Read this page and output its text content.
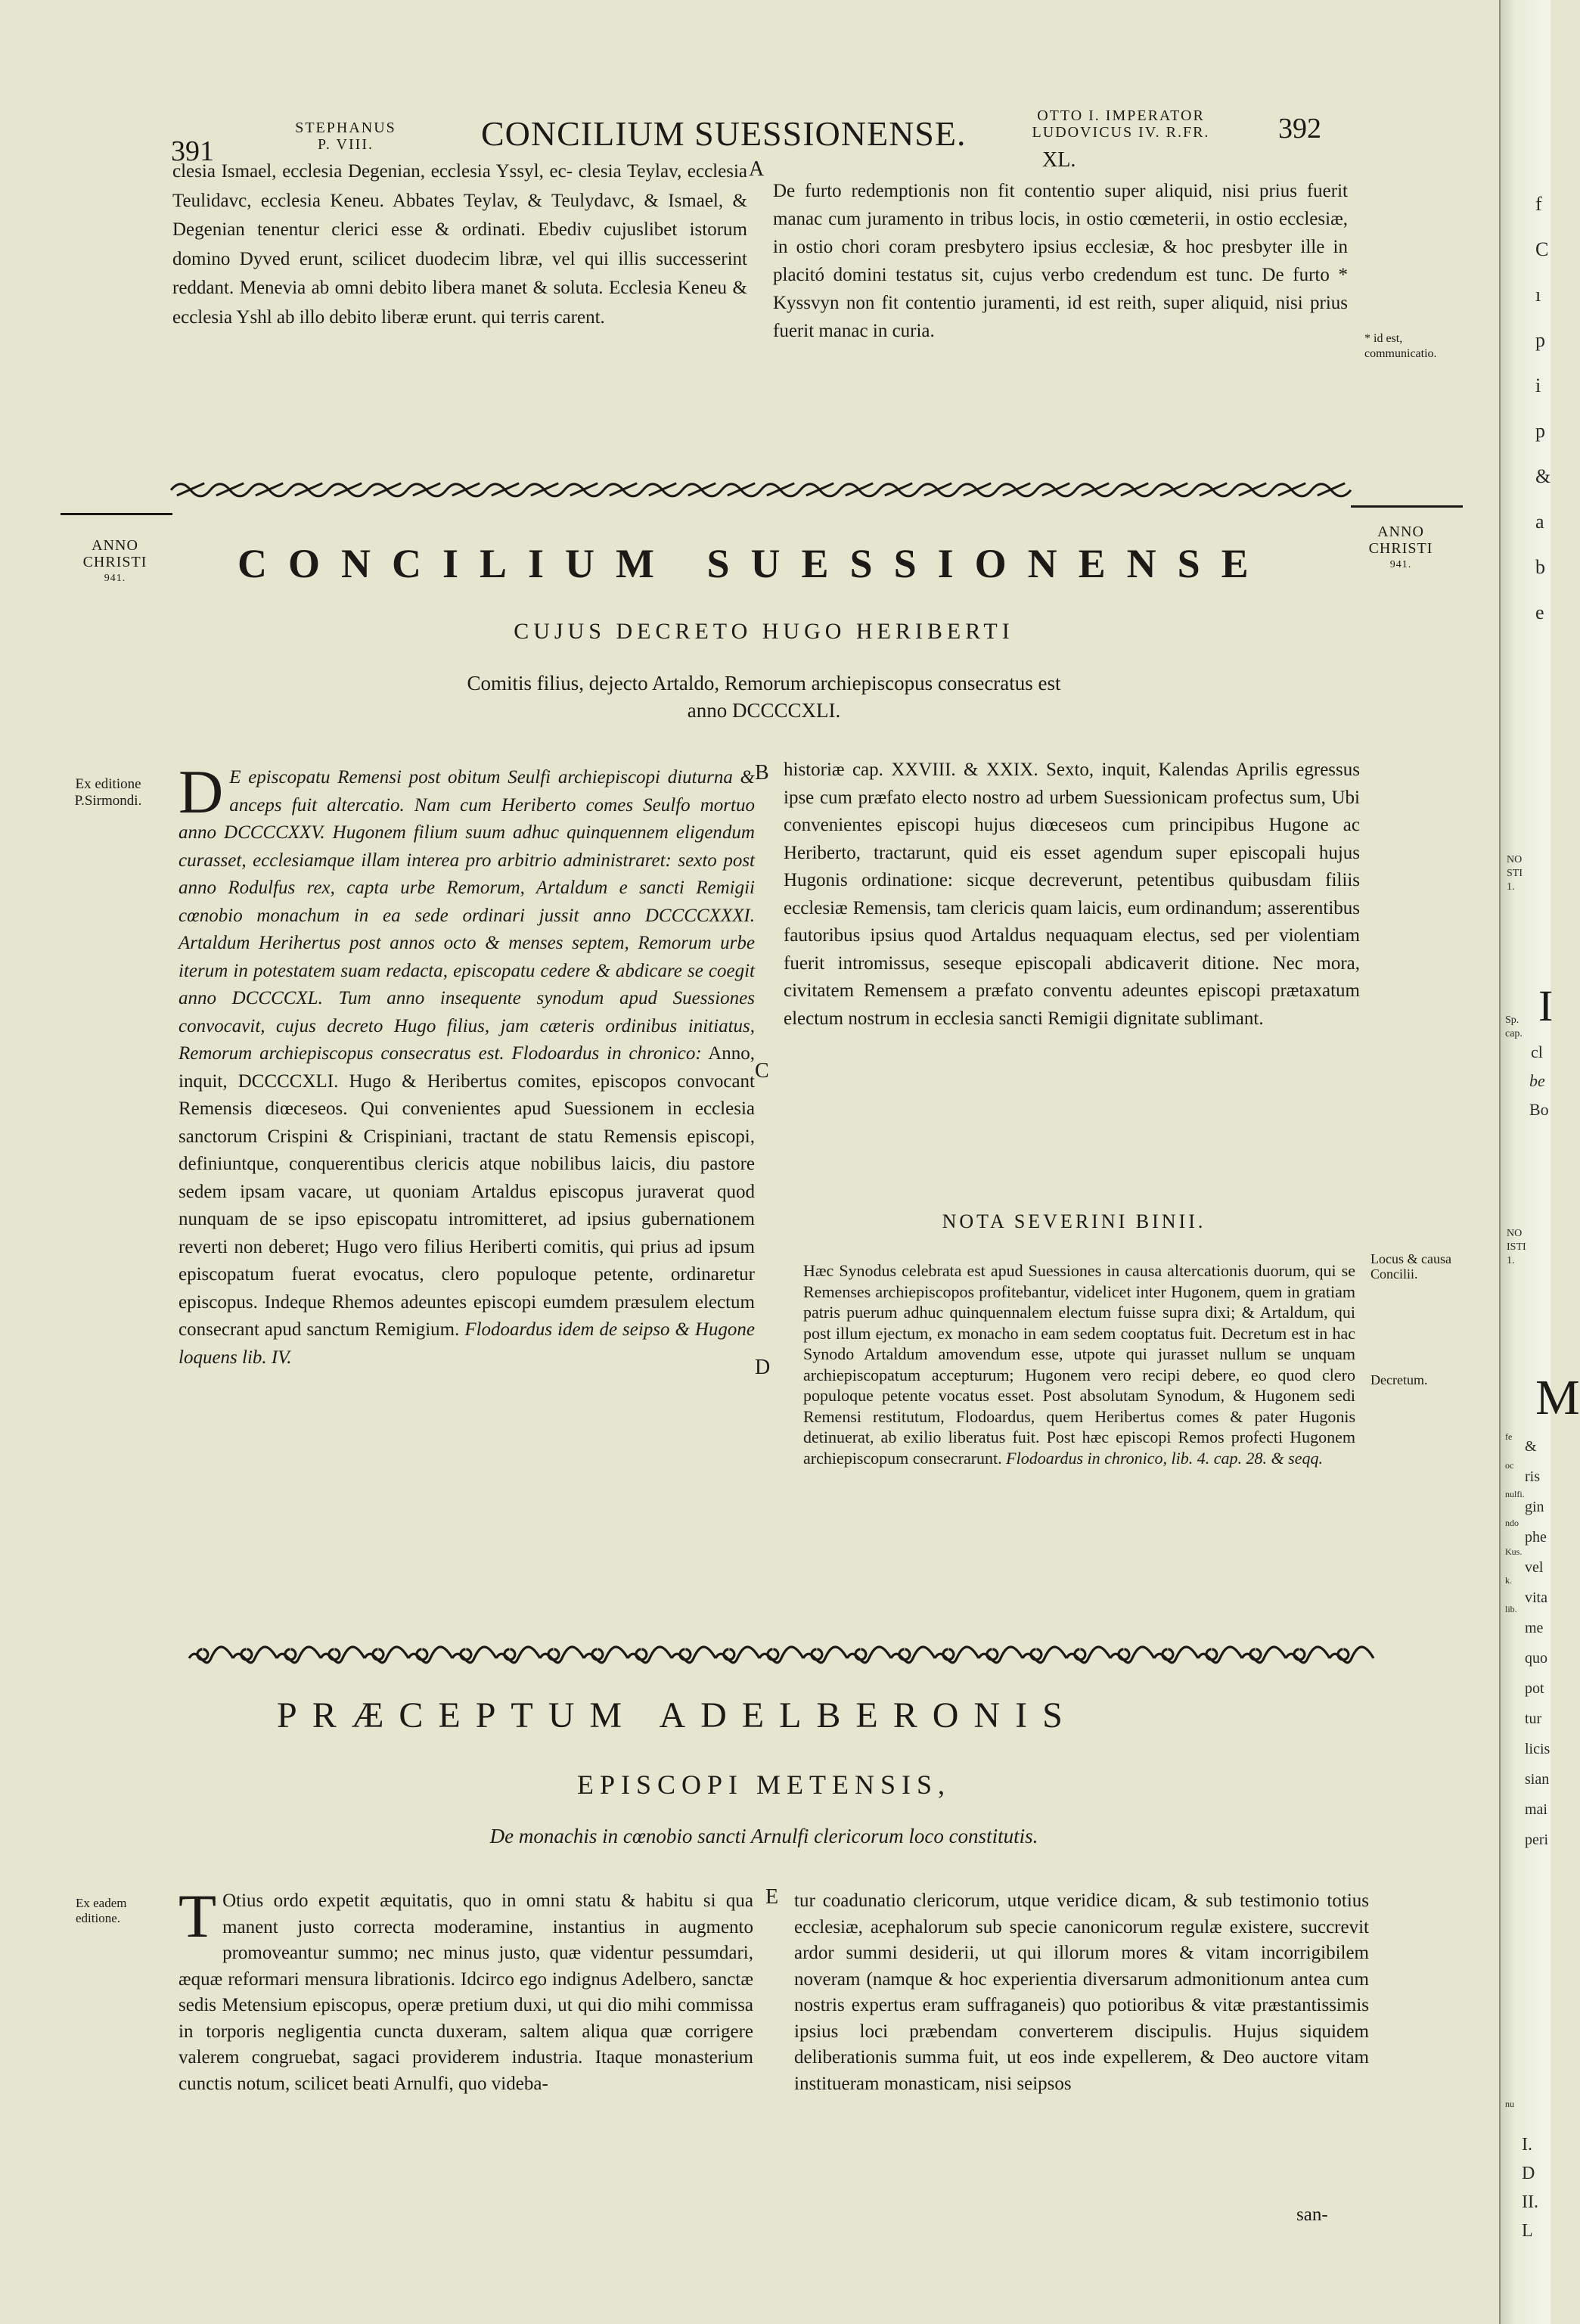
391
STEPHANUS
P. VIII.	CONCILIUM SUESSIONENSE.	OTTO I. IMPERATOR
LUDOVICUS IV. R.FR.	392
XL.
clesia Ismael, ecclesia Degenian, ecclesia Yssyl, ec- clesia Teylav, ecclesia Teulidavc, ecclesia Keneu. Abbates Teylav, & Teulydavc, & Ismael, & Degenian tenentur clerici esse & ordinati. Ebediv cujuslibet istorum domino Dyved erunt, scilicet duodecim libræ, vel qui illis successerint reddant. Menevia ab omni debito libera manet & soluta. Ecclesia Keneu & ecclesia Yshl ab illo debito liberæ erunt. qui terris carent.
A
De furto redemptionis non fit contentio super aliquid, nisi prius fuerit manac cum juramento in tribus locis, in ostio cœmeterii, in ostio ecclesiæ, in ostio chori coram presbytero ipsius ecclesiæ, & hoc presbyter ille in placitó domini testatus sit, cujus verbo credendum est tunc. De furto * Kyssvyn non fit contentio juramenti, id est reith, super aliquid, nisi prius fuerit manac in curia.	* id est, communicatio.
ANNO
CHRISTI
941.
ANNO
CHRISTI
941.
CONCILIUM SUESSIONENSE
CUJUS DECRETO HUGO HERIBERTI
Comitis filius, dejecto Artaldo, Remorum archiepiscopus consecratus est
anno DCCCCXLI.
Ex editione P.Sirmondi. D E episcopatu Remensi post obitum Seulfi archiepiscopi diuturna & anceps fuit altercatio. Nam cum Heriberto comes Seulfo mortuo anno DCCCCXXV. Hugonem filium suum adhuc quinquennem eligendum curasset, ecclesiamque illam interea pro arbitrio administraret: sexto post anno Rodulfus rex, capta urbe Remorum, Artaldum e sancti Remigii cœnobio monachum in ea sede ordinari jussit anno DCCCCXXXI. Artaldum Herihertus post annos octo & menses septem, Remorum urbe iterum in potestatem suam redacta, episcopatu cedere & abdicare se coegit anno DCCCCXL. Tum anno insequente synodum apud Suessiones convocavit, cujus decreto Hugo filius, jam cæteris ordinibus initiatus, Remorum archiepiscopus consecratus est. Flodoardus in chronico: Anno, inquit, DCCCCXLI. Hugo & Heribertus comites, episcopos convocant Remensis diœceseos. Qui convenientes apud Suessionem in ecclesia sanctorum Crispini & Crispiniani, tractant de statu Remensis episcopi, definiuntque, conquerentibus clericis atque nobilibus laicis, diu pastore sedem ipsam vacare, ut quoniam Artaldus episcopus juraverat quod nunquam de se ipso episcopatu intromitteret, ad ipsius gubernationem reverti non deberet; Hugo vero filius Heriberti comitis, qui prius ad ipsum episcopatum fuerat evocatus, clero populoque petente, ordinaretur episcopus. Indeque Rhemos adeuntes episcopi eumdem præsulem electum consecrant apud sanctum Remigium. Flodoardus idem de seipso & Hugone loquens lib. IV.
B
C
D
historiæ cap. XXVIII. & XXIX. Sexto, inquit, Kalendas Aprilis egressus ipse cum præfato electo nostro ad urbem Suessionicam profectus sum, Ubi convenientes episcopi hujus diœceseos cum principibus Hugone ac Heriberto, tractarunt, quid eis esset agendum super episcopali hujus Hugonis ordinatione: sicque decreverunt, petentibus quibusdam filiis ecclesiæ Remensis, tam clericis quam laicis, eum ordinandum; asserentibus fautoribus ipsius quod Artaldus nequaquam electus, sed per violentiam fuerit intromissus, seseque episcopali abdicaverit ditione. Nec mora, civitatem Remensem a præfato conventu adeuntes episcopi prætaxatum electum nostrum in ecclesia sancti Remigii dignitate sublimant.
NOTA SEVERINI BINII.
Locus & causa Concilii.
Decretum.
Hæc Synodus celebrata est apud Suessiones in causa altercationis duorum, qui se Remenses archiepiscopos profitebantur, videlicet inter Hugonem, quem in gratiam patris puerum adhuc quinquennalem electum fuisse supra dixi; & Artaldum, qui post illum ejectum, ex monacho in eam sedem cooptatus fuit. Decretum est in hac Synodo Artaldum amovendum esse, utpote qui jurasset nullum se unquam archiepiscopatum accepturum; Hugonem vero recipi debere, eo quod clero populoque petente vocatus esset. Post absolutam Synodum, & Hugonem sedi Remensi restitutum, Flodoardus, quem Heribertus comes & pater Hugonis detinuerat, ab exilio liberatus fuit. Post hæc episcopi Remos profecti Hugonem archiepiscopum consecrarunt. Flodoardus in chronico, lib. 4. cap. 28. & seqq.
PRÆCEPTUM ADELBERONIS
EPISCOPI METENSIS,
De monachis in cœnobio sancti Arnulfi clericorum loco constitutis.
Ex eadem editione. T Otius ordo expetit æquitatis, quo in omni statu & habitu si qua manent justo correcta moderamine, instantius in augmento promoveantur summo; nec minus justo, quæ videntur pessumdari, æquæ reformari mensura librationis. Idcirco ego indignus Adelbero, sanctæ sedis Metensium episcopus, operæ pretium duxi, ut qui dio mihi commissa in torporis negligentia cuncta duxeram, saltem aliqua quæ corrigere valerem congruebat, sagaci providerem industria. Itaque monasterium cunctis notum, scilicet beati Arnulfi, quo videba-
E tur coadunatio clericorum, utque veridice dicam, & sub testimonio totius ecclesiæ, acephalorum sub specie canonicorum regulæ existere, succrevit ardor summi desiderii, ut qui illorum mores & vitam incorrigibilem noveram (namque & hoc experientia diversarum admonitionum antea cum nostris expertus eram suffraganeis) quo potioribus & vitæ præstantissimis ipsius loci præbendam converterem discipulis. Hujus siquidem deliberationis summa fuit, ut eos inde expellerem, & Deo auctore vitam institueram monasticam, nisi seipsos
san-
f
C
ı
p
i
p
&
a
b
e
NO
STI
1.
Sp.
cap.
I
cl
be
Bo
NO
ISTI
1.
M
& ris
gin
phe
vel
vita
me
quo
pot
tur
licis
sian
mai
peri
fe
oc
nulfi.
ndo
Kus.
k.
lib.
I. D
II. L
nu
